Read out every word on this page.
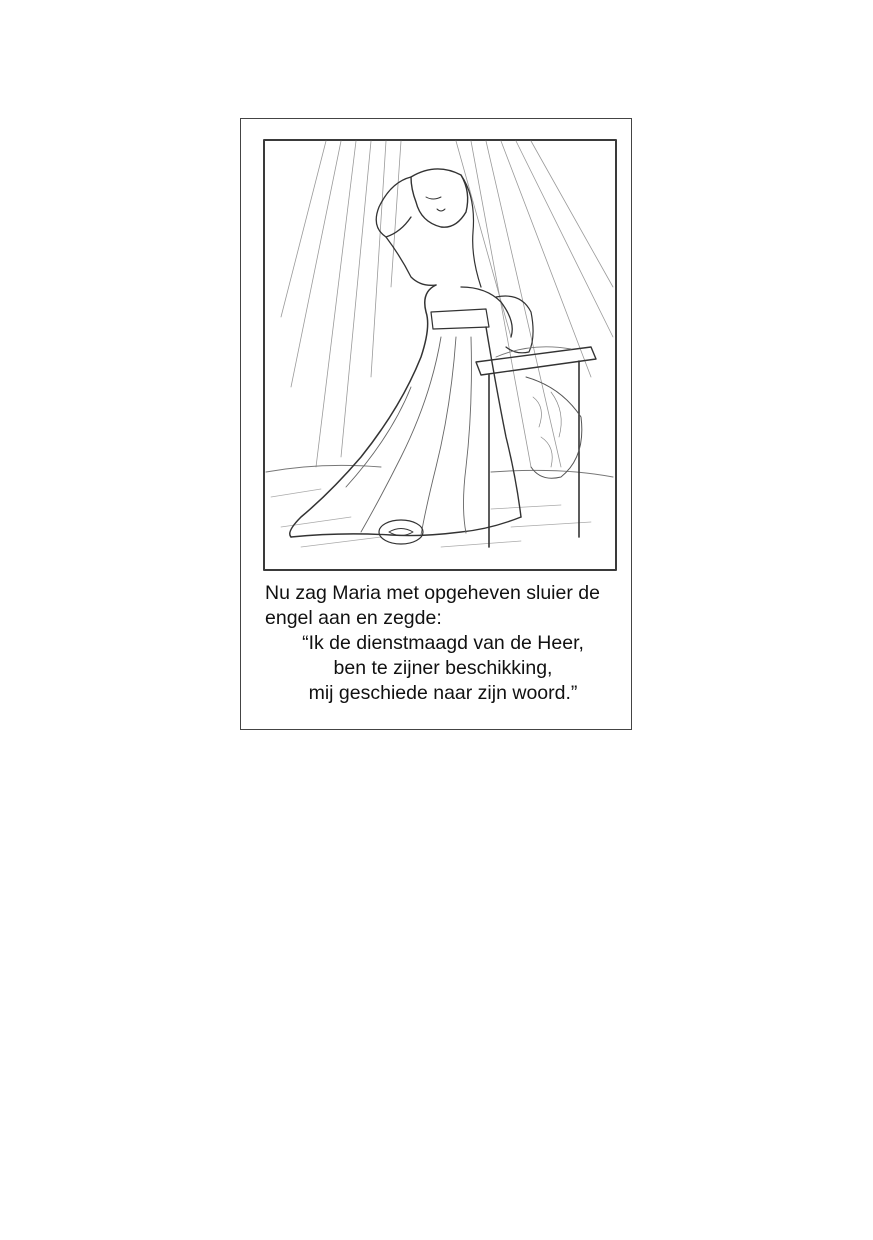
Nu zag Maria met opgeheven sluier de
engel aan en zegde:
“Ik de dienstmaagd van de Heer,
ben te zijner beschikking,
mij geschiede naar zijn woord.”
